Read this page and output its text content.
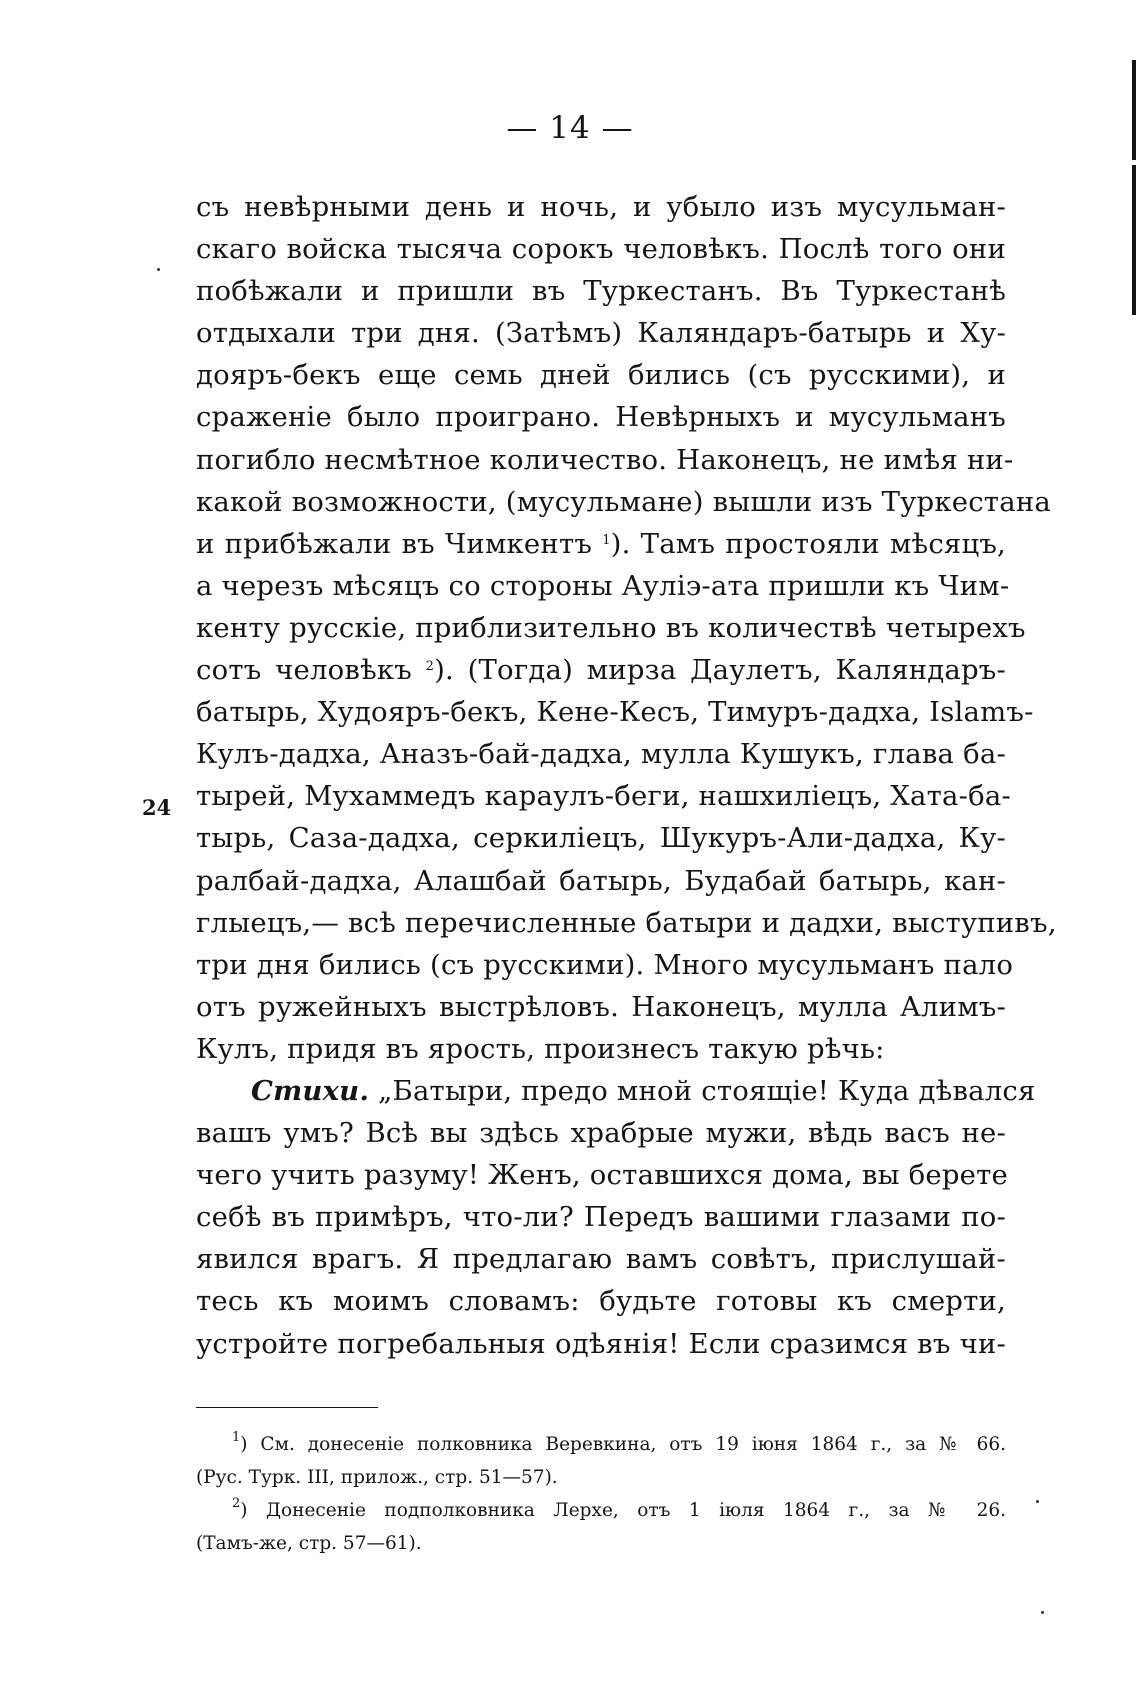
— 14 —
24
съ невѣрными день и ночь, и убыло изъ мусульман-
скаго войска тысяча сорокъ человѣкъ. Послѣ того они
побѣжали и пришли въ Туркестанъ. Въ Туркестанѣ
отдыхали три дня. (Затѣмъ) Каляндаръ-батырь и Ху-
дояръ-бекъ еще семь дней бились (съ русскими), и
сраженіе было проиграно. Невѣрныхъ и мусульманъ
погибло несмѣтное количество. Наконецъ, не имѣя ни-
какой возможности, (мусульмане) вышли изъ Туркестана
и прибѣжали въ Чимкентъ $^1$). Тамъ простояли мѣсяцъ,
а черезъ мѣсяцъ со стороны Ауліэ-ата пришли къ Чим-
кенту русскіе, приблизительно въ количествѣ четырехъ
сотъ человѣкъ $^2$). (Тогда) мирза Даулетъ, Каляндаръ-
батырь, Худояръ-бекъ, Кене-Кесъ, Тимуръ-дадха, Islamъ-
Кулъ-дадха, Аназъ-бай-дадха, мулла Кушукъ, глава ба-
тырей, Мухаммедъ караулъ-беги, нашхиліецъ, Хата-ба-
тырь, Саза-дадха, серкиліецъ, Шукуръ-Али-дадха, Ку-
ралбай-дадха, Алашбай батырь, Будабай батырь, кан-
глыецъ,— всѣ перечисленные батыри и дадхи, выступивъ,
три дня бились (съ русскими). Много мусульманъ пало
отъ ружейныхъ выстрѣловъ. Наконецъ, мулла Алимъ-
Кулъ, придя въ ярость, произнесъ такую рѣчь:
Стихи. „Батыри, предо мной стоящіе! Куда дѣвался
вашъ умъ? Всѣ вы здѣсь храбрые мужи, вѣдь васъ не-
чего учить разуму! Женъ, оставшихся дома, вы берете
себѣ въ примѣръ, что-ли? Передъ вашими глазами по-
явился врагъ. Я предлагаю вамъ совѣтъ, прислушай-
тесь къ моимъ словамъ: будьте готовы къ смерти,
устройте погребальныя одѣянія! Если сразимся въ чи-
$^1$) См. донесеніе полковника Веревкина, отъ 19 іюня 1864 г., за № 66.
(Рус. Турк. III, прилож., стр. 51—57).
$^2$) Донесеніе подполковника Лерхе, отъ 1 іюля 1864 г., за № 26.
(Тамъ-же, стр. 57—61).
